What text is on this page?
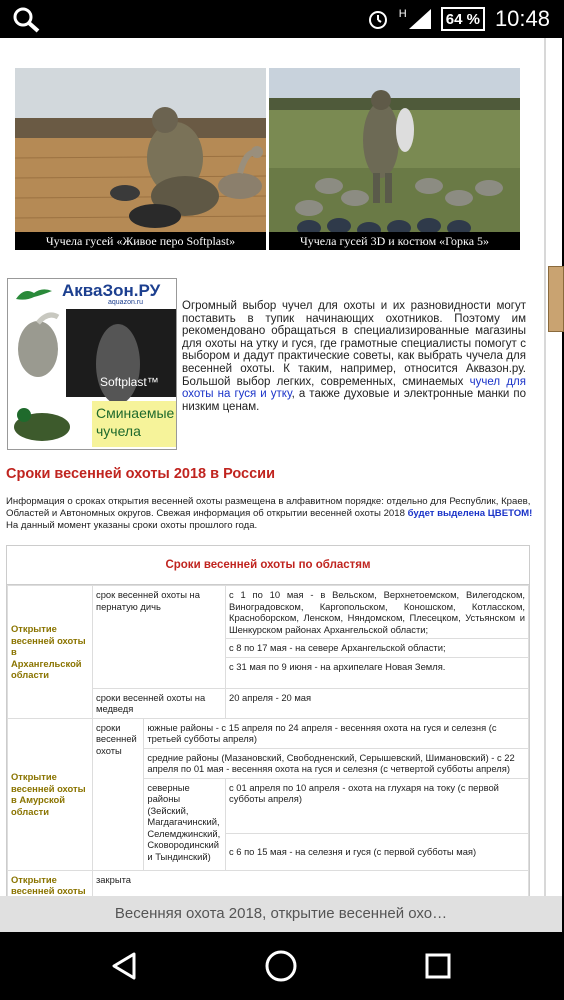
H	64 % 10:48
Чучела гусей «Живое перо Softplast»	Чучела гусей 3D и костюм «Горка 5»
АкваЗон.РУ
aquazon.ru
Softplast™
Сминаемые
чучела
Огромный выбор чучел для охоты и их разновидности могут поставить в тупик начинающих охотников. Поэтому им рекомендовано обращаться в специализированные магазины для охоты на утку и гуся, где грамотные специалисты помогут с выбором и дадут практические советы, как выбрать чучела для весенней охоты. К таким, например, относится Аквазон.ру. Большой выбор легких, современных, сминаемых чучел для охоты на гуся и утку, а также духовые и электронные манки по низким ценам.
Сроки весенней охоты 2018 в России
Информация о сроках открытия весенней охоты размещена в алфавитном порядке: отдельно для Республик, Краев, Областей и Автономных округов. Свежая информация об открытии весенней охоты 2018 будет выделена ЦВЕТОМ!
На данный момент указаны сроки охоты прошлого года.
Сроки весенней охоты по областям
Открытие весенней охоты в Архангельской области	срок весенней охоты на пернатую дичь		с 1 по 10 мая - в Вельском, Верхнетоемском, Вилегодском, Виноградовском, Каргопольском, Коношском, Котласском, Красноборском, Ленском, Няндомском, Плесецком, Устьянском и Шенкурском районах Архангельской области;
			с 8 по 17 мая - на севере Архангельской области;
			с 31 мая по 9 июня - на архипелаге Новая Земля.
	сроки весенней охоты на медведя		20 апреля - 20 мая
Открытие весенней охоты в Амурской области	сроки весенней охоты	южные районы - с 15 апреля по 24 апреля - весенняя охота на гуся и селезня (с третьей субботы апреля)	
		средние районы (Мазановский, Свободненский, Серышевский, Шимановский) - с 22 апреля по 01 мая - весенняя охота на гуся и селезня (с четвертой субботы апреля)	
		северные районы (Зейский, Магдагачинский, Селемджинский, Сковородинский и Тындинский)	с 01 апреля по 10 апреля - охота на глухаря на току (с первой субботы апреля)
			с 6 по 15 мая - на селезня и гуся (с первой субботы мая)
Открытие весенней охоты	закрыта		
Весенняя охота 2018, открытие весенней охо…
